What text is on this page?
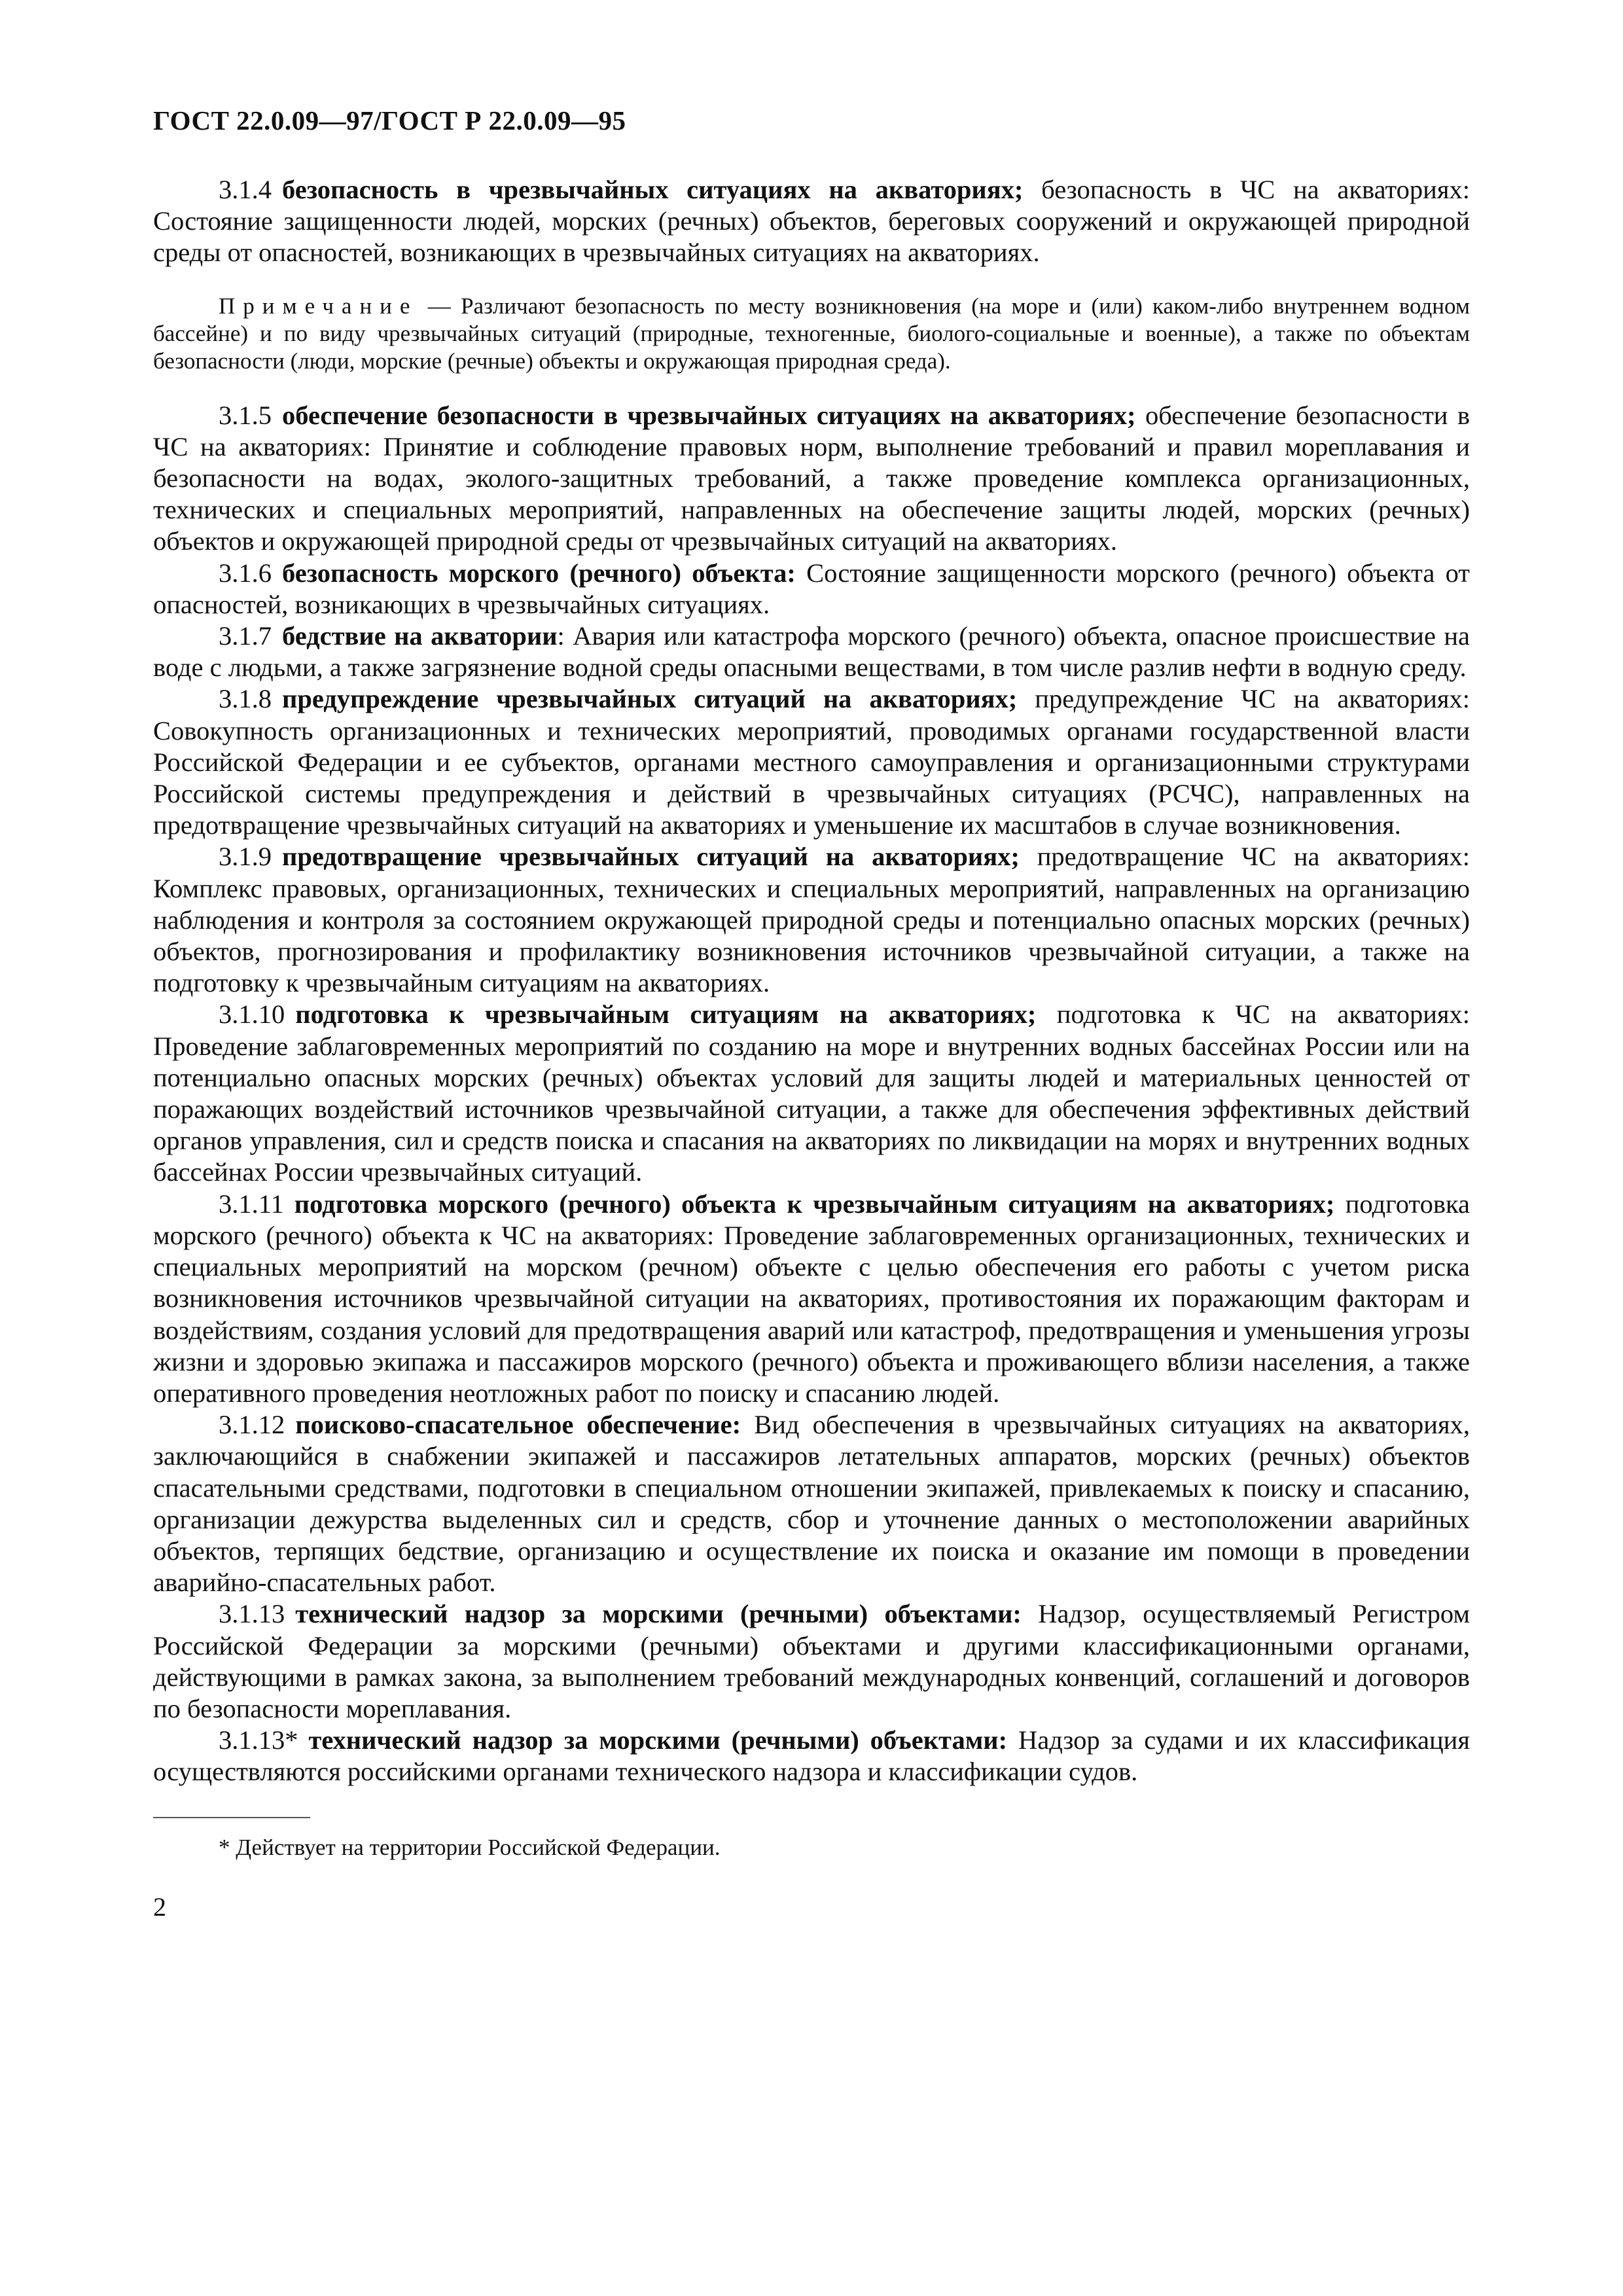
ГОСТ 22.0.09—97/ГОСТ Р 22.0.09—95

3.1.4 безопасность в чрезвычайных ситуациях на акваториях; безопасность в ЧС на акваториях: Состояние защищенности людей, морских (речных) объектов, береговых сооружений и окружающей природной среды от опасностей, возникающих в чрезвычайных ситуациях на акваториях.

Примечание — Различают безопасность по месту возникновения (на море и (или) каком-либо внутреннем водном бассейне) и по виду чрезвычайных ситуаций (природные, техногенные, биолого-социальные и военные), а также по объектам безопасности (люди, морские (речные) объекты и окружающая природная среда).

3.1.5 обеспечение безопасности в чрезвычайных ситуациях на акваториях; обеспечение безопасности в ЧС на акваториях: Принятие и соблюдение правовых норм, выполнение требований и правил мореплавания и безопасности на водах, эколого-защитных требований, а также проведение комплекса организационных, технических и специальных мероприятий, направленных на обеспечение защиты людей, морских (речных) объектов и окружающей природной среды от чрезвычайных ситуаций на акваториях.

3.1.6 безопасность морского (речного) объекта: Состояние защищенности морского (речного) объекта от опасностей, возникающих в чрезвычайных ситуациях.

3.1.7 бедствие на акватории: Авария или катастрофа морского (речного) объекта, опасное происшествие на воде с людьми, а также загрязнение водной среды опасными веществами, в том числе разлив нефти в водную среду.

3.1.8 предупреждение чрезвычайных ситуаций на акваториях; предупреждение ЧС на акваториях: Совокупность организационных и технических мероприятий, проводимых органами государственной власти Российской Федерации и ее субъектов, органами местного самоуправления и организационными структурами Российской системы предупреждения и действий в чрезвычайных ситуациях (РСЧС), направленных на предотвращение чрезвычайных ситуаций на акваториях и уменьшение их масштабов в случае возникновения.

3.1.9 предотвращение чрезвычайных ситуаций на акваториях; предотвращение ЧС на акваториях: Комплекс правовых, организационных, технических и специальных мероприятий, направленных на организацию наблюдения и контроля за состоянием окружающей природной среды и потенциально опасных морских (речных) объектов, прогнозирования и профилактику возникновения источников чрезвычайной ситуации, а также на подготовку к чрезвычайным ситуациям на акваториях.

3.1.10 подготовка к чрезвычайным ситуациям на акваториях; подготовка к ЧС на акваториях: Проведение заблаговременных мероприятий по созданию на море и внутренних водных бассейнах России или на потенциально опасных морских (речных) объектах условий для защиты людей и материальных ценностей от поражающих воздействий источников чрезвычайной ситуации, а также для обеспечения эффективных действий органов управления, сил и средств поиска и спасания на акваториях по ликвидации на морях и внутренних водных бассейнах России чрезвычайных ситуаций.

3.1.11 подготовка морского (речного) объекта к чрезвычайным ситуациям на акваториях; подготовка морского (речного) объекта к ЧС на акваториях: Проведение заблаговременных организационных, технических и специальных мероприятий на морском (речном) объекте с целью обеспечения его работы с учетом риска возникновения источников чрезвычайной ситуации на акваториях, противостояния их поражающим факторам и воздействиям, создания условий для предотвращения аварий или катастроф, предотвращения и уменьшения угрозы жизни и здоровью экипажа и пассажиров морского (речного) объекта и проживающего вблизи населения, а также оперативного проведения неотложных работ по поиску и спасанию людей.

3.1.12 поисково-спасательное обеспечение: Вид обеспечения в чрезвычайных ситуациях на акваториях, заключающийся в снабжении экипажей и пассажиров летательных аппаратов, морских (речных) объектов спасательными средствами, подготовки в специальном отношении экипажей, привлекаемых к поиску и спасанию, организации дежурства выделенных сил и средств, сбор и уточнение данных о местоположении аварийных объектов, терпящих бедствие, организацию и осуществление их поиска и оказание им помощи в проведении аварийно-спасательных работ.

3.1.13 технический надзор за морскими (речными) объектами: Надзор, осуществляемый Регистром Российской Федерации за морскими (речными) объектами и другими классификационными органами, действующими в рамках закона, за выполнением требований международных конвенций, соглашений и договоров по безопасности мореплавания.

3.1.13* технический надзор за морскими (речными) объектами: Надзор за судами и их классификация осуществляются российскими органами технического надзора и классификации судов.

* Действует на территории Российской Федерации.

2
